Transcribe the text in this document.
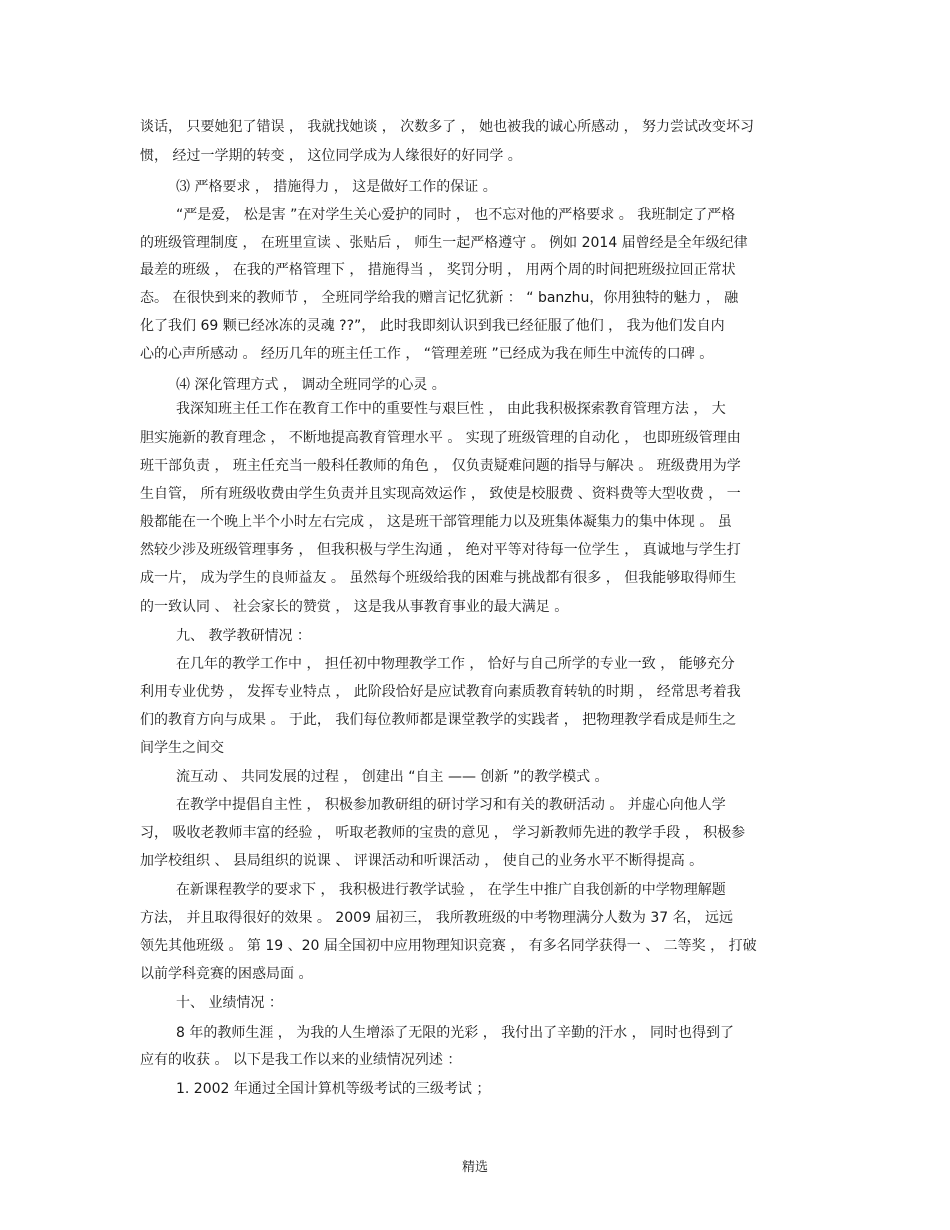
谈话， 只要她犯了错误 ， 我就找她谈 ， 次数多了 ， 她也被我的诚心所感动 ， 努力尝试改变坏习

惯， 经过一学期的转变 ， 这位同学成为人缘很好的好同学 。

⑶ 严格要求 ， 措施得力 ， 这是做好工作的保证 。

“严是爱， 松是害 ”在对学生关心爱护的同时 ， 也不忘对他的严格要求 。 我班制定了严格

的班级管理制度 ， 在班里宣读 、张贴后 ， 师生一起严格遵守 。 例如 2014 届曾经是全年级纪律

最差的班级 ， 在我的严格管理下 ， 措施得当 ， 奖罚分明 ， 用两个周的时间把班级拉回正常状

态。 在很快到来的教师节 ， 全班同学给我的赠言记忆犹新 ： “ banzhu，你用独特的魅力 ， 融

化了我们 69 颗已经冰冻的灵魂 ??”， 此时我即刻认识到我已经征服了他们 ， 我为他们发自内

心的心声所感动 。 经历几年的班主任工作 ， “管理差班 ”已经成为我在师生中流传的口碑 。

⑷ 深化管理方式 ， 调动全班同学的心灵 。

我深知班主任工作在教育工作中的重要性与艰巨性 ， 由此我积极探索教育管理方法 ， 大

胆实施新的教育理念 ， 不断地提高教育管理水平 。 实现了班级管理的自动化 ， 也即班级管理由

班干部负责 ， 班主任充当一般科任教师的角色 ， 仅负责疑难问题的指导与解决 。 班级费用为学

生自管， 所有班级收费由学生负责并且实现高效运作 ， 致使是校服费 、资料费等大型收费 ， 一

般都能在一个晚上半个小时左右完成 ， 这是班干部管理能力以及班集体凝集力的集中体现 。 虽

然较少涉及班级管理事务 ， 但我积极与学生沟通 ， 绝对平等对待每一位学生 ， 真诚地与学生打

成一片， 成为学生的良师益友 。 虽然每个班级给我的困难与挑战都有很多 ， 但我能够取得师生

的一致认同 、 社会家长的赞赏 ， 这是我从事教育事业的最大满足 。

九、 教学教研情况 ：

在几年的教学工作中 ， 担任初中物理教学工作 ， 恰好与自己所学的专业一致 ， 能够充分

利用专业优势 ， 发挥专业特点 ， 此阶段恰好是应试教育向素质教育转轨的时期 ， 经常思考着我

们的教育方向与成果 。 于此， 我们每位教师都是课堂教学的实践者 ， 把物理教学看成是师生之

间学生之间交

流互动 、 共同发展的过程 ， 创建出 “自主 —— 创新 ”的教学模式 。

在教学中提倡自主性 ， 积极参加教研组的研讨学习和有关的教研活动 。 并虚心向他人学

习， 吸收老教师丰富的经验 ， 听取老教师的宝贵的意见 ， 学习新教师先进的教学手段 ， 积极参

加学校组织 、 县局组织的说课 、 评课活动和听课活动 ， 使自己的业务水平不断得提高 。

在新课程教学的要求下 ， 我积极进行教学试验 ， 在学生中推广自我创新的中学物理解题

方法， 并且取得很好的效果 。 2009 届初三， 我所教班级的中考物理满分人数为 37 名， 远远

领先其他班级 。 第 19 、20 届全国初中应用物理知识竞赛 ， 有多名同学获得一 、 二等奖 ， 打破

以前学科竞赛的困惑局面 。

十、 业绩情况 ：

8 年的教师生涯 ， 为我的人生增添了无限的光彩 ， 我付出了辛勤的汗水 ， 同时也得到了

应有的收获 。 以下是我工作以来的业绩情况列述 ：

1. 2002 年通过全国计算机等级考试的三级考试 ；

精选
